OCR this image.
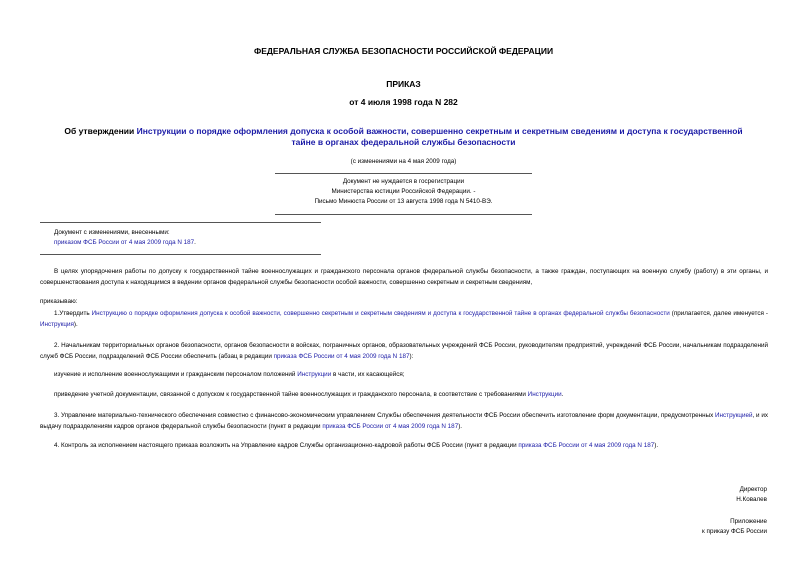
ФЕДЕРАЛЬНАЯ СЛУЖБА БЕЗОПАСНОСТИ РОССИЙСКОЙ ФЕДЕРАЦИИ
ПРИКАЗ
от 4 июля 1998 года N 282
Об утверждении Инструкции о порядке оформления допуска к особой важности, совершенно секретным и секретным сведениям и доступа к государственной
тайне в органах федеральной службы безопасности
(с изменениями на 4 мая 2009 года)
Документ не нуждается в госрегистрации
Министерства юстиции Российской Федерации. -
Письмо Минюста России от 13 августа 1998 года N 5410-ВЭ.
Документ с изменениями, внесенными:
приказом ФСБ России от 4 мая 2009 года N 187.
В целях упорядочения работы по допуску к государственной тайне военнослужащих и гражданского персонала органов федеральной службы безопасности, а также граждан, поступающих на военную службу (работу) в эти органы, и совершенствования доступа к находящимся в ведении органов федеральной службы безопасности особой важности, совершенно секретным и секретным сведениям,
приказываю:
1.Утвердить Инструкцию о порядке оформления допуска к особой важности, совершенно секретным и секретным сведениям и доступа к государственной тайне в органах федеральной службы безопасности (прилагается, далее именуется - Инструкция).
2. Начальникам территориальных органов безопасности, органов безопасности в войсках, пограничных органов, образовательных учреждений ФСБ России, руководителям предприятий, учреждений ФСБ России, начальникам подразделений служб ФСБ России, подразделений ФСБ России обеспечить (абзац в редакции приказа ФСБ России от 4 мая 2009 года N 187):
изучение и исполнение военнослужащими и гражданским персоналом положений Инструкции в части, их касающейся;
приведение учетной документации, связанной с допуском к государственной тайне военнослужащих и гражданского персонала, в соответствие с требованиями Инструкции.
3. Управление материально-технического обеспечения совместно с финансово-экономическим управлением Службы обеспечения деятельности ФСБ России обеспечить изготовление форм документации, предусмотренных Инструкцией, и их выдачу подразделениям кадров органов федеральной службы безопасности (пункт в редакции приказа ФСБ России от 4 мая 2009 года N 187).
4. Контроль за исполнением настоящего приказа возложить на Управление кадров Службы организационно-кадровой работы ФСБ России (пункт в редакции приказа ФСБ России от 4 мая 2009 года N 187).
Директор
Н.Ковалев
Приложение
к приказу ФСБ России
